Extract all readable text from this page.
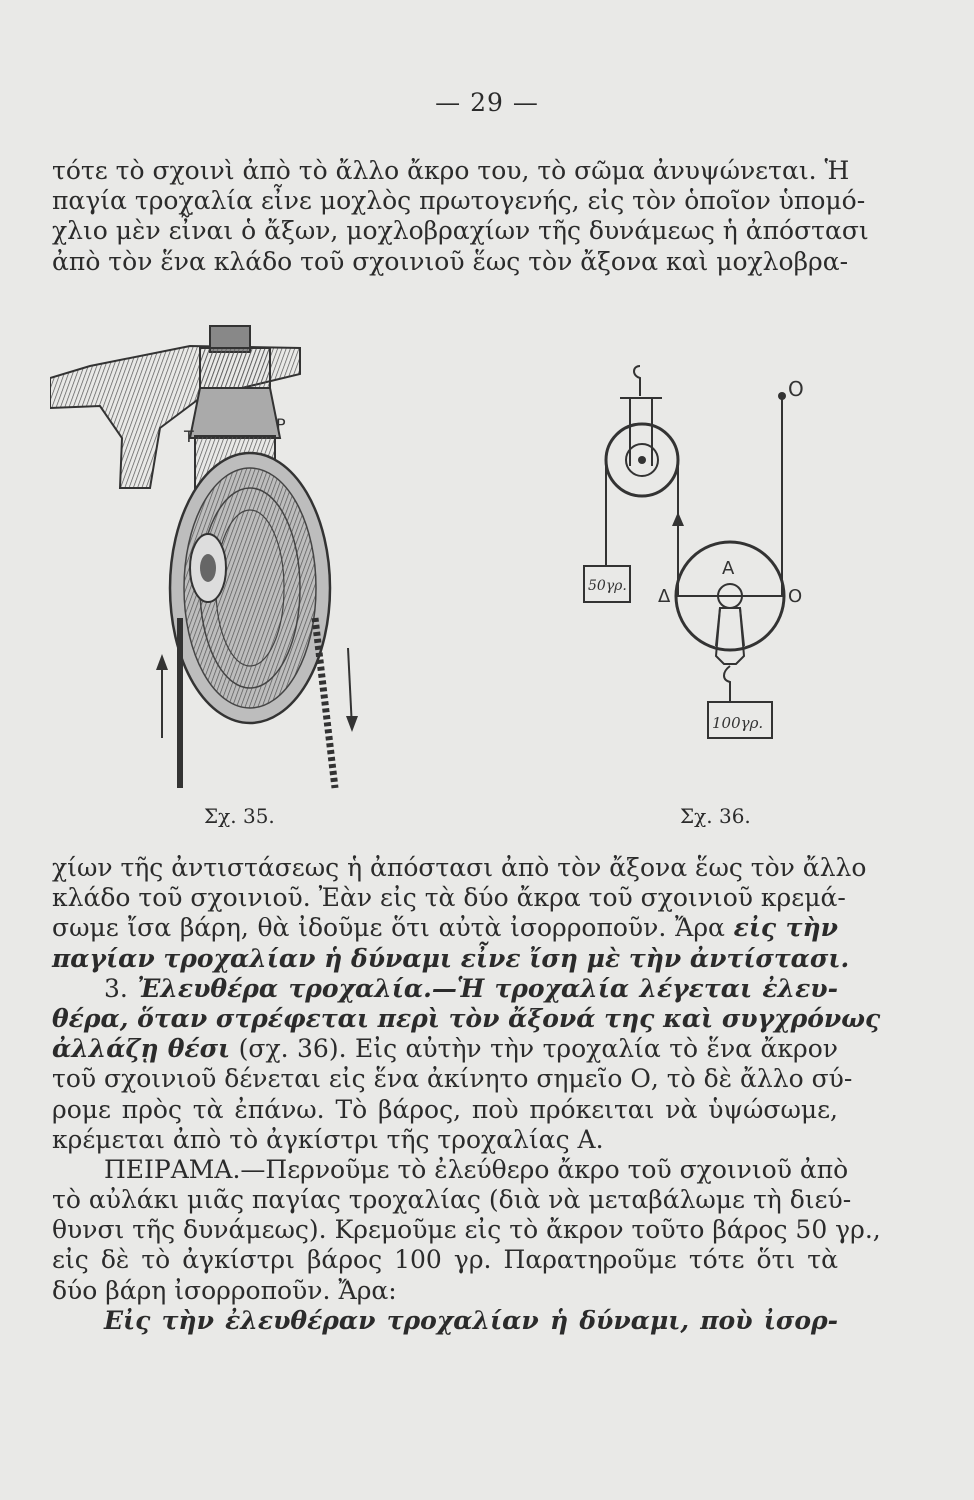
— 29 —
τότε τὸ σχοινὶ ἀπὸ τὸ ἄλλο ἄκρο του, τὸ σῶμα ἀνυψώνεται. Ἡ
παγία τροχαλία εἶνε μοχλὸς πρωτογενής, εἰς τὸν ὁποῖον ὑπομό-
χλιο μὲν εἶναι ὁ ἄξων, μοχλοβραχίων τῆς δυνάμεως ἡ ἀπόστασι
ἀπὸ τὸν ἕνα κλάδο τοῦ σχοινιοῦ ἕως τὸν ἄξονα καὶ μοχλοβρα-
T
P
O
50γρ.
A
Δ	O
100γρ.
Σχ. 35.	Σχ. 36.
χίων τῆς ἀντιστάσεως ἡ ἀπόστασι ἀπὸ τὸν ἄξονα ἕως τὸν ἄλλο
κλάδο τοῦ σχοινιοῦ. Ἐὰν εἰς τὰ δύο ἄκρα τοῦ σχοινιοῦ κρεμά-
σωμε ἴσα βάρη, θὰ ἰδοῦμε ὅτι αὐτὰ ἰσορροποῦν. Ἄρα εἰς τὴν
παγίαν τροχαλίαν ἡ δύναμι εἶνε ἴση μὲ τὴν ἀντίστασι.
3. Ἐλευθέρα τροχαλία.—Ἡ τροχαλία λέγεται ἐλευ-
θέρα, ὅταν στρέφεται περὶ τὸν ἄξονά της καὶ συγχρόνως
ἀλλάζῃ θέσι (σχ. 36). Εἰς αὐτὴν τὴν τροχαλία τὸ ἕνα ἄκρον
τοῦ σχοινιοῦ δένεται εἰς ἕνα ἀκίνητο σημεῖο Ο, τὸ δὲ ἄλλο σύ-
ρομε πρὸς τὰ ἐπάνω. Τὸ βάρος, ποὺ πρόκειται νὰ ὑψώσωμε,
κρέμεται ἀπὸ τὸ ἀγκίστρι τῆς τροχαλίας Α.
ΠΕΙΡΑΜΑ.—Περνοῦμε τὸ ἐλεύθερο ἄκρο τοῦ σχοινιοῦ ἀπὸ
τὸ αὐλάκι μιᾶς παγίας τροχαλίας (διὰ νὰ μεταβάλωμε τὴ διεύ-
θυνσι τῆς δυνάμεως). Κρεμοῦμε εἰς τὸ ἄκρον τοῦτο βάρος 50 γρ.,
εἰς δὲ τὸ ἀγκίστρι βάρος 100 γρ. Παρατηροῦμε τότε ὅτι τὰ
δύο βάρη ἰσορροποῦν. Ἄρα:
Εἰς τὴν ἐλευθέραν τροχαλίαν ἡ δύναμι, ποὺ ἰσορ-
